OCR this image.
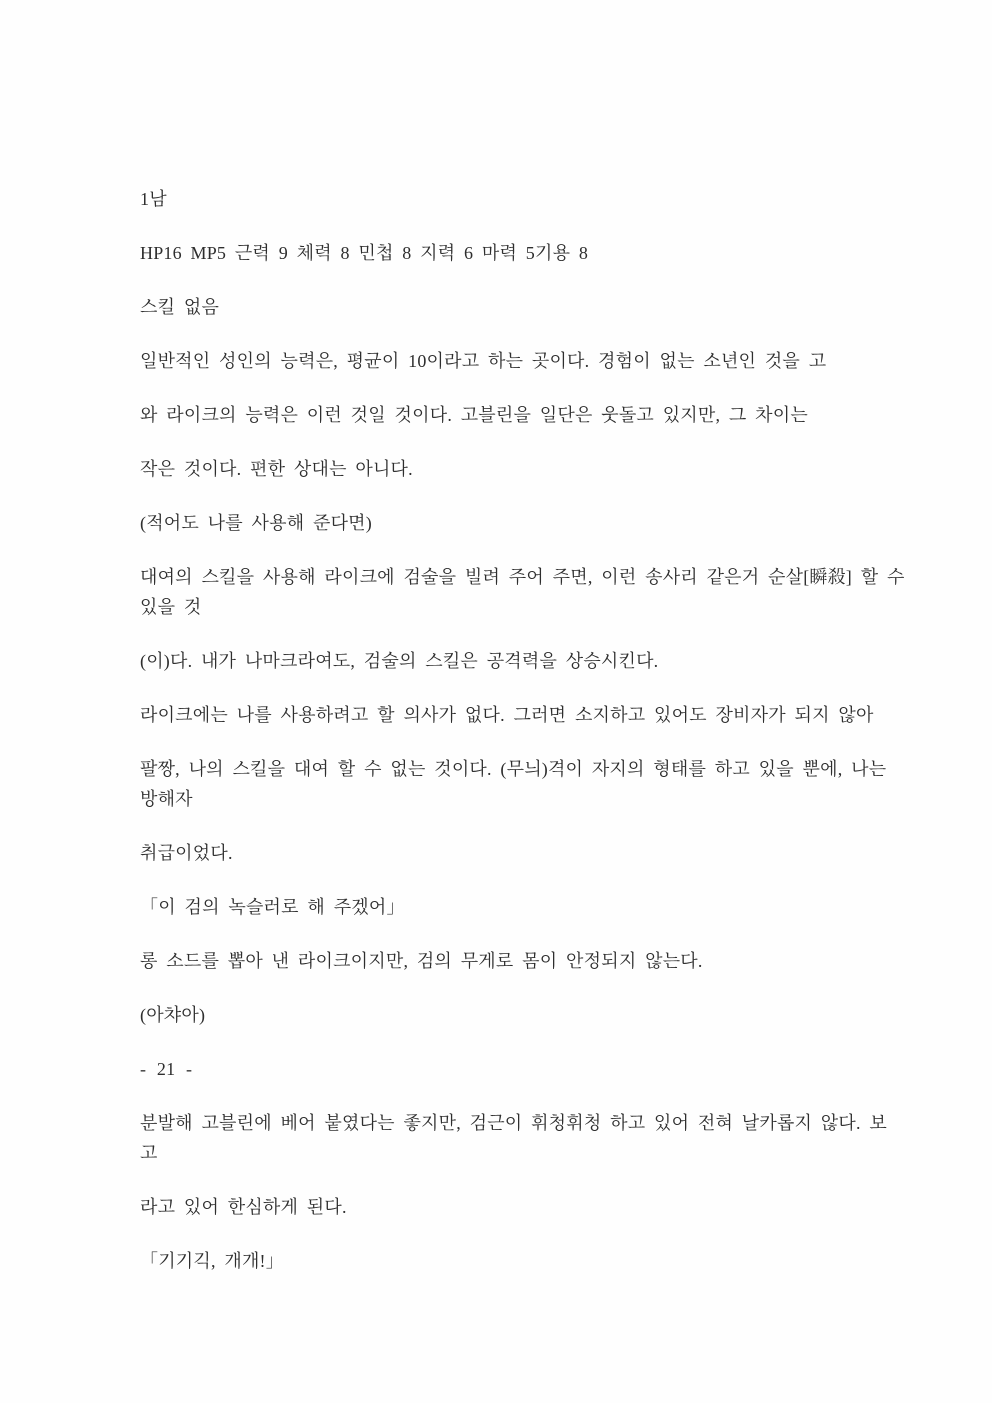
1남
HP16 MP5 근력 9 체력 8 민첩 8 지력 6 마력 5기용 8
스킬 없음
일반적인 성인의 능력은, 평균이 10이라고 하는 곳이다. 경험이 없는 소년인 것을 고
와 라이크의 능력은 이런 것일 것이다. 고블린을 일단은 웃돌고 있지만, 그 차이는
작은 것이다. 편한 상대는 아니다.
(적어도 나를 사용해 준다면)
대여의 스킬을 사용해 라이크에 검술을 빌려 주어 주면, 이런 송사리 같은거 순살[瞬殺] 할 수
있을 것
(이)다. 내가 나마크라여도, 검술의 스킬은 공격력을 상승시킨다.
라이크에는 나를 사용하려고 할 의사가 없다. 그러면 소지하고 있어도 장비자가 되지 않아
팔짱, 나의 스킬을 대여 할 수 없는 것이다. (무늬)격이 자지의 형태를 하고 있을 뿐에, 나는
방해자
취급이었다.
「이 검의 녹슬러로 해 주겠어」
롱 소드를 뽑아 낸 라이크이지만, 검의 무게로 몸이 안정되지 않는다.
(아챠아)
- 21 -
분발해 고블린에 베어 붙였다는 좋지만, 검근이 휘청휘청 하고 있어 전혀 날카롭지 않다. 보
고
라고 있어 한심하게 된다.
「기기긱, 개개!」
